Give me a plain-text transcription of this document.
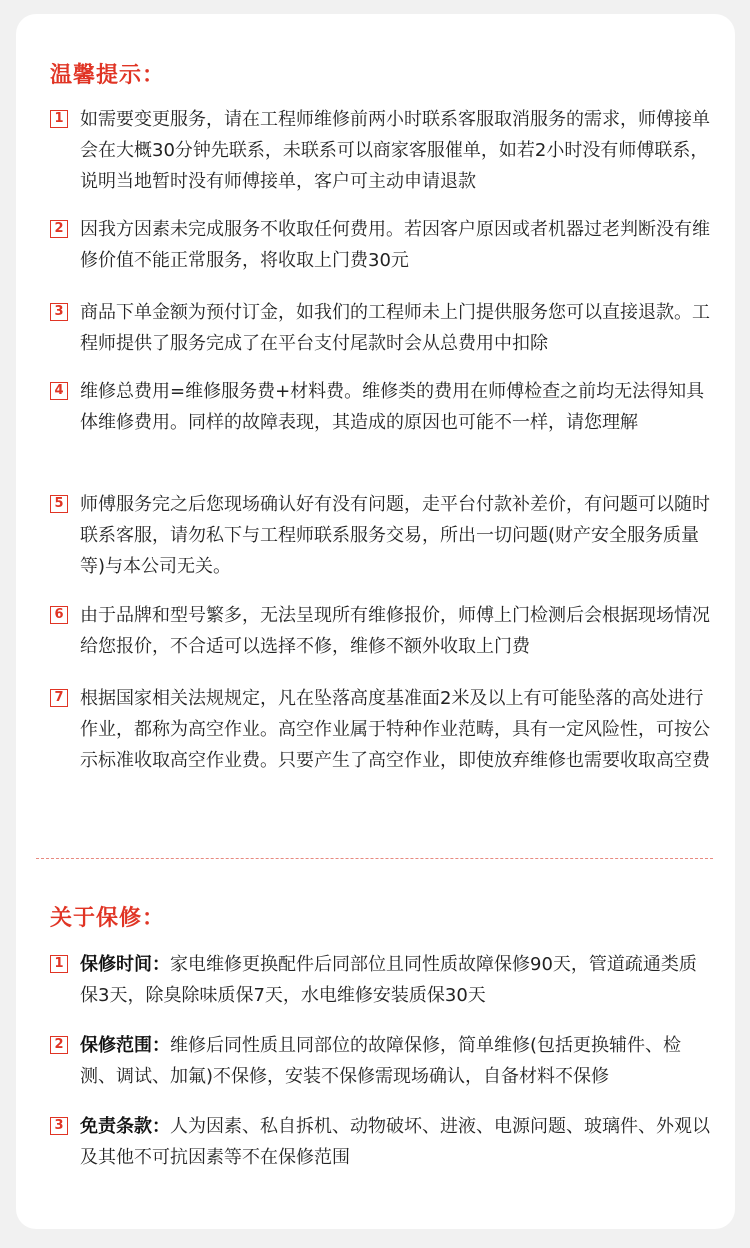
温馨提示：
1 如需要变更服务，请在工程师维修前两小时联系客服取消服务的需求，师傅接单会在大概30分钟先联系，未联系可以商家客服催单，如若2小时没有师傅联系，说明当地暂时没有师傅接单，客户可主动申请退款
2 因我方因素未完成服务不收取任何费用。若因客户原因或者机器过老判断没有维修价值不能正常服务，将收取上门费30元
3 商品下单金额为预付订金，如我们的工程师未上门提供服务您可以直接退款。工程师提供了服务完成了在平台支付尾款时会从总费用中扣除
4 维修总费用=维修服务费+材料费。维修类的费用在师傅检查之前均无法得知具体维修费用。同样的故障表现，其造成的原因也可能不一样，请您理解
5 师傅服务完之后您现场确认好有没有问题，走平台付款补差价，有问题可以随时联系客服，请勿私下与工程师联系服务交易，所出一切问题(财产安全服务质量等)与本公司无关。
6 由于品牌和型号繁多，无法呈现所有维修报价，师傅上门检测后会根据现场情况给您报价，不合适可以选择不修，维修不额外收取上门费
7 根据国家相关法规规定，凡在坠落高度基准面2米及以上有可能坠落的高处进行作业，都称为高空作业。高空作业属于特种作业范畴，具有一定风险性，可按公示标准收取高空作业费。只要产生了高空作业，即使放弃维修也需要收取高空费
关于保修：
1 保修时间：家电维修更换配件后同部位且同性质故障保修90天，管道疏通类质保3天，除臭除味质保7天，水电维修安装质保30天
2 保修范围：维修后同性质且同部位的故障保修，简单维修(包括更换辅件、检测、调试、加氟)不保修，安装不保修需现场确认，自备材料不保修
3 免责条款：人为因素、私自拆机、动物破坏、进液、电源问题、玻璃件、外观以及其他不可抗因素等不在保修范围
